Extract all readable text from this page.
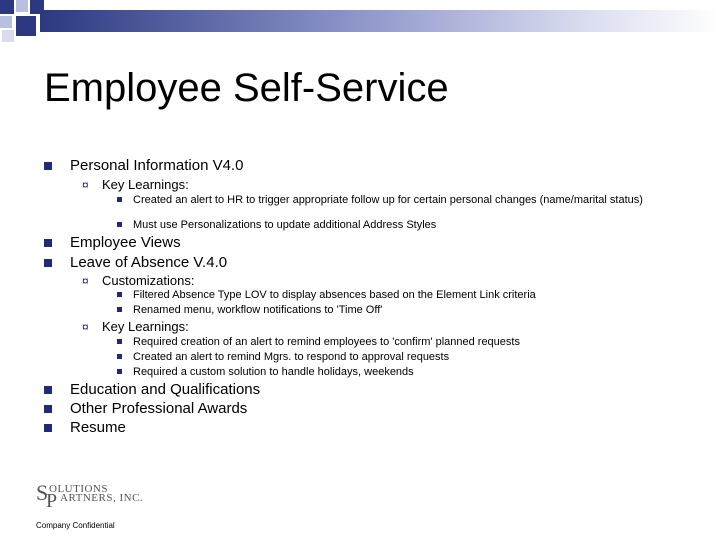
Employee Self-Service
Personal Information V4.0
¤ Key Learnings:
Created an alert to HR to trigger appropriate follow up for certain personal changes (name/marital status)
Must use Personalizations to update additional Address Styles
Employee Views
Leave of Absence V.4.0
¤ Customizations:
Filtered Absence Type LOV to display absences based on the Element Link criteria
Renamed menu, workflow notifications to 'Time Off'
¤ Key Learnings:
Required creation of an alert to remind employees to 'confirm' planned requests
Created an alert to remind Mgrs. to respond to approval requests
Required a custom solution to handle holidays, weekends
Education and Qualifications
Other Professional Awards
Resume
S OLUTIONS
P ARTNERS, INC.
Company Confidential
